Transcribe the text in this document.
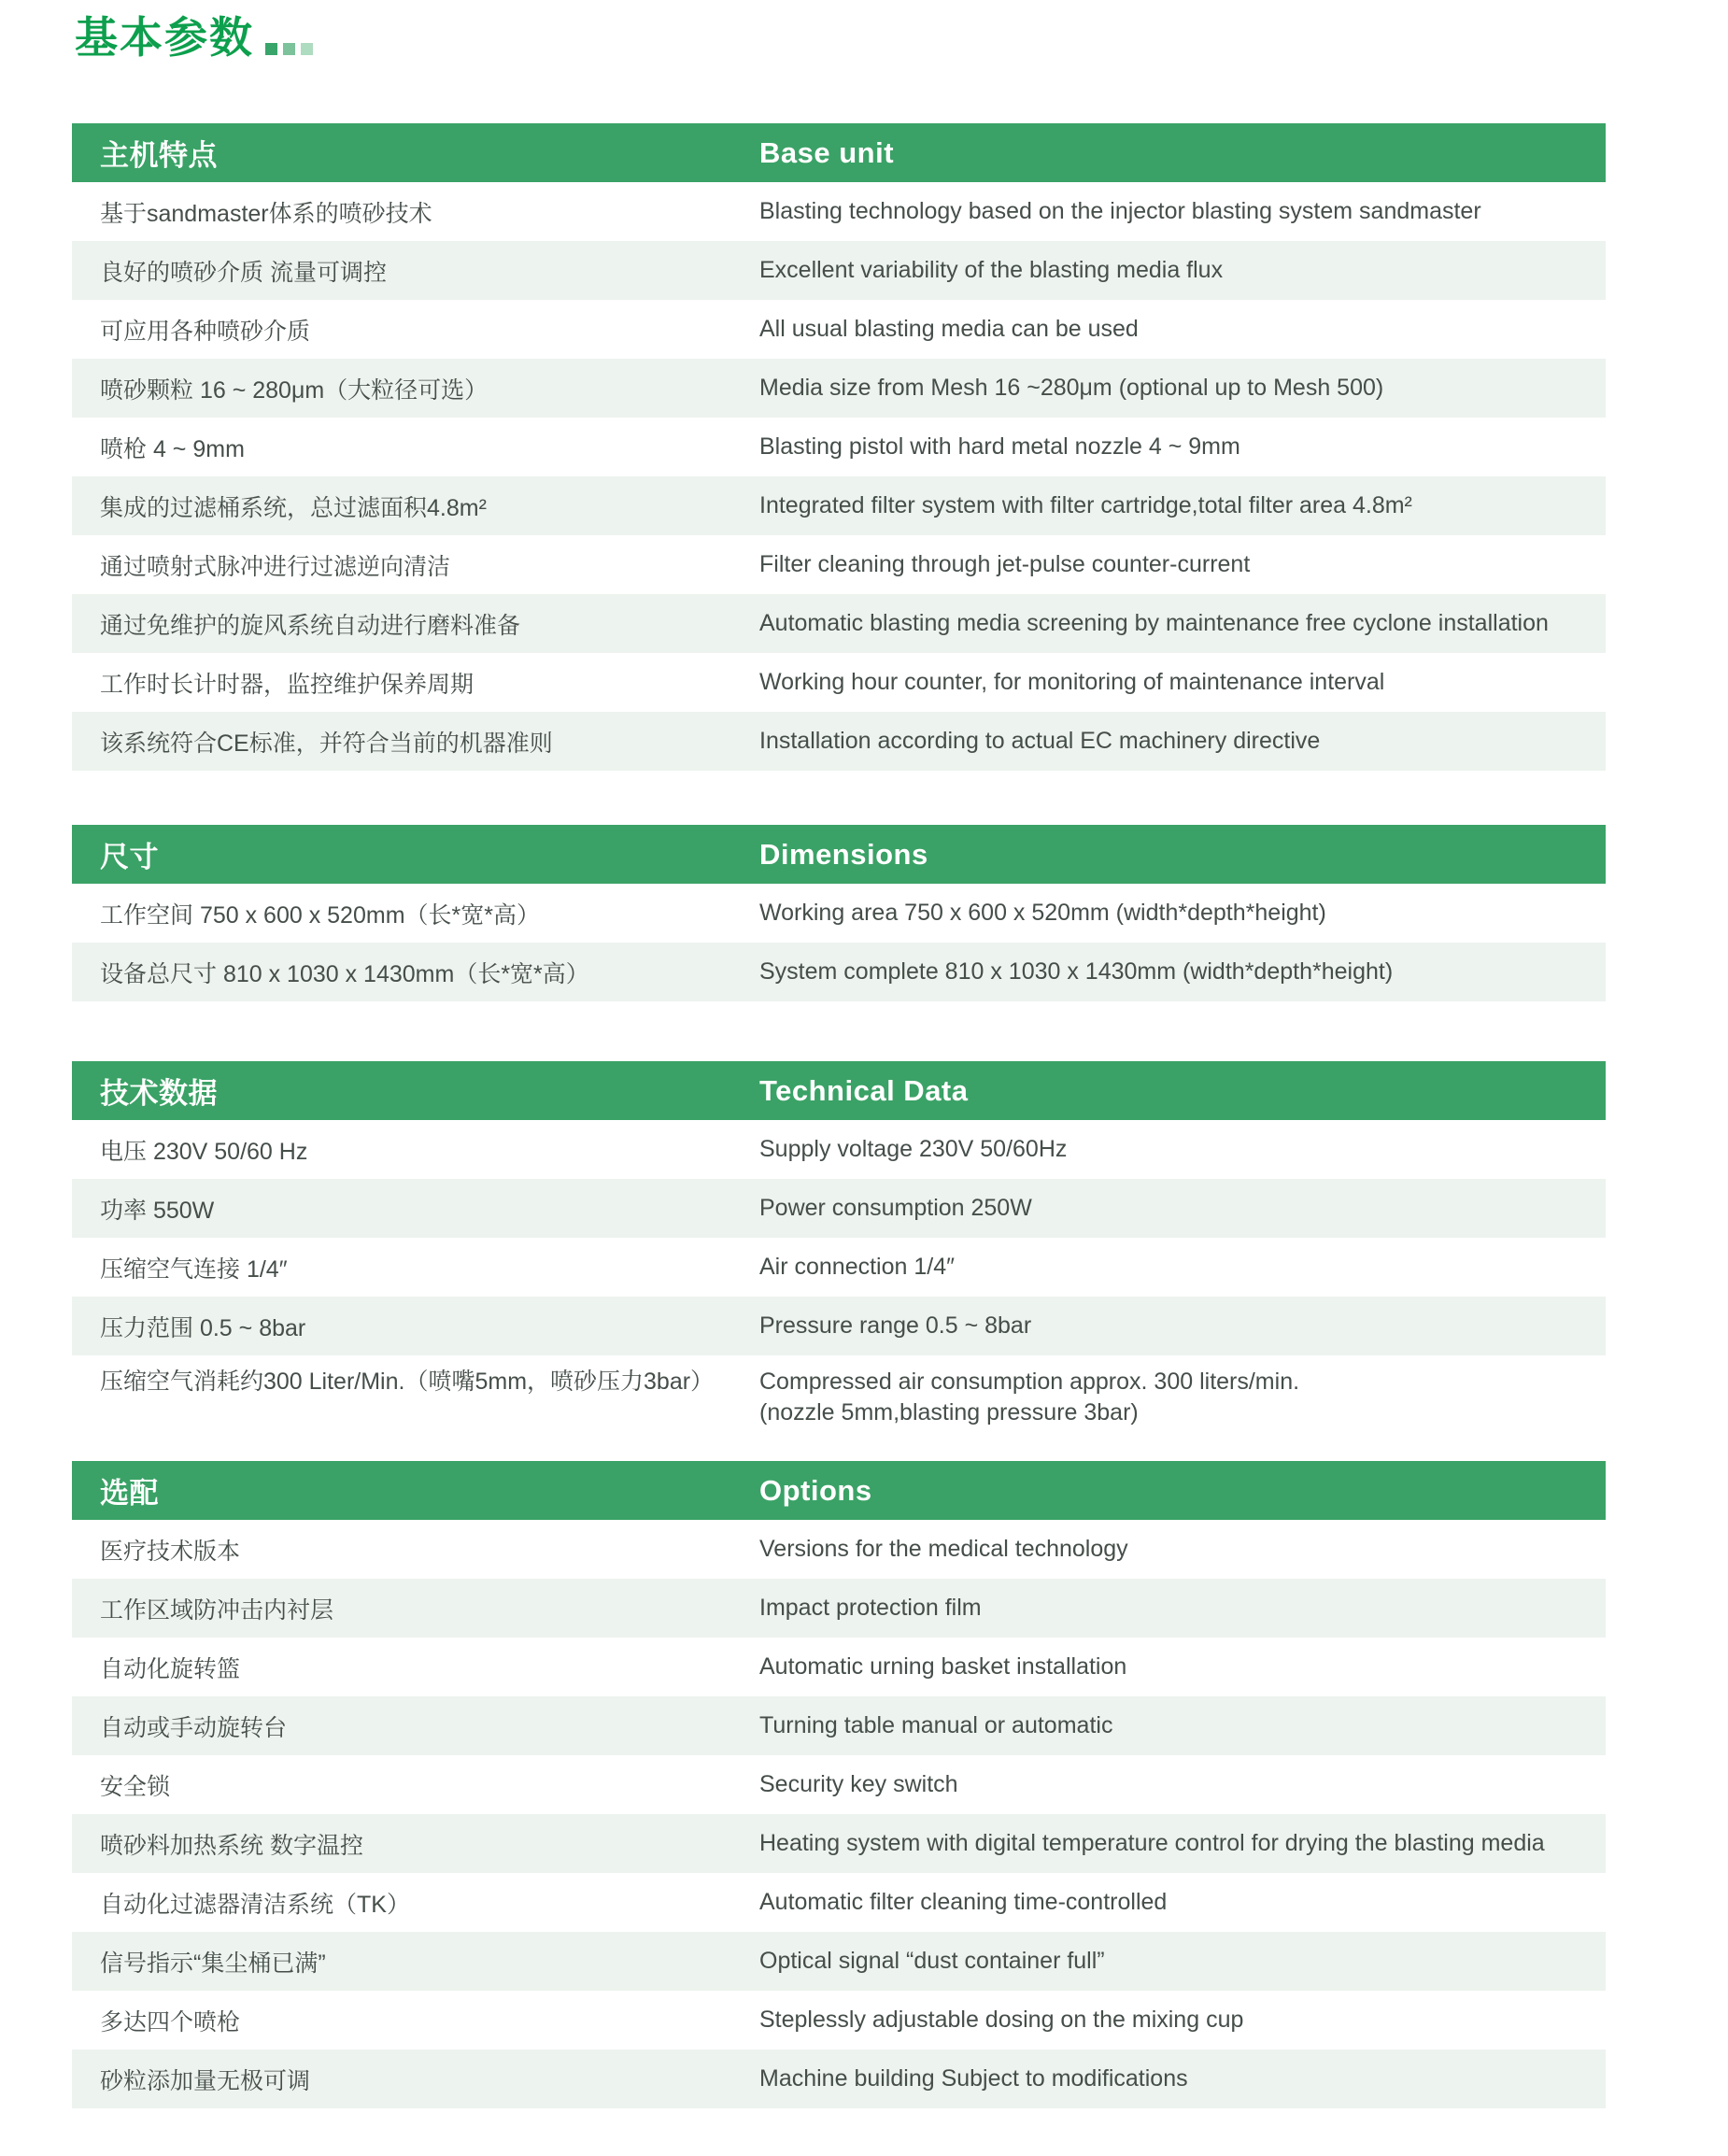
基本参数
主机特点	Base unit
基于sandmaster体系的喷砂技术	Blasting technology based on the injector blasting system sandmaster
良好的喷砂介质 流量可调控	Excellent variability of the blasting media flux
可应用各种喷砂介质	All usual blasting media can be used
喷砂颗粒 16 ~ 280μm（大粒径可选）	Media size from Mesh 16 ~280μm (optional up to Mesh 500)
喷枪 4 ~ 9mm	Blasting pistol with hard metal nozzle 4 ~ 9mm
集成的过滤桶系统，总过滤面积4.8m²	Integrated filter system with filter cartridge,total filter area 4.8m²
通过喷射式脉冲进行过滤逆向清洁	Filter cleaning through jet-pulse counter-current
通过免维护的旋风系统自动进行磨料准备	Automatic blasting media screening by maintenance free cyclone installation
工作时长计时器，监控维护保养周期	Working hour counter, for monitoring of maintenance interval
该系统符合CE标准，并符合当前的机器准则	Installation according to actual EC machinery directive
尺寸	Dimensions
工作空间 750 x 600 x 520mm（长*宽*高）	Working area 750 x 600 x 520mm (width*depth*height)
设备总尺寸 810 x 1030 x 1430mm（长*宽*高）	System complete 810 x 1030 x 1430mm (width*depth*height)
技术数据	Technical Data
电压 230V 50/60 Hz	Supply voltage 230V 50/60Hz
功率 550W	Power consumption 250W
压缩空气连接 1/4″	Air connection 1/4″
压力范围 0.5 ~ 8bar	Pressure range 0.5 ~ 8bar
压缩空气消耗约300 Liter/Min.（喷嘴5mm，喷砂压力3bar）	Compressed air consumption approx. 300 liters/min.
(nozzle 5mm,blasting pressure 3bar)
选配	Options
医疗技术版本	Versions for the medical technology
工作区域防冲击内衬层	Impact protection film
自动化旋转篮	Automatic urning basket installation
自动或手动旋转台	Turning table manual or automatic
安全锁	Security key switch
喷砂料加热系统 数字温控	Heating system with digital temperature control for drying the blasting media
自动化过滤器清洁系统（TK）	Automatic filter cleaning time-controlled
信号指示“集尘桶已满”	Optical signal “dust container full”
多达四个喷枪	Steplessly adjustable dosing on the mixing cup
砂粒添加量无极可调	Machine building Subject to modifications
